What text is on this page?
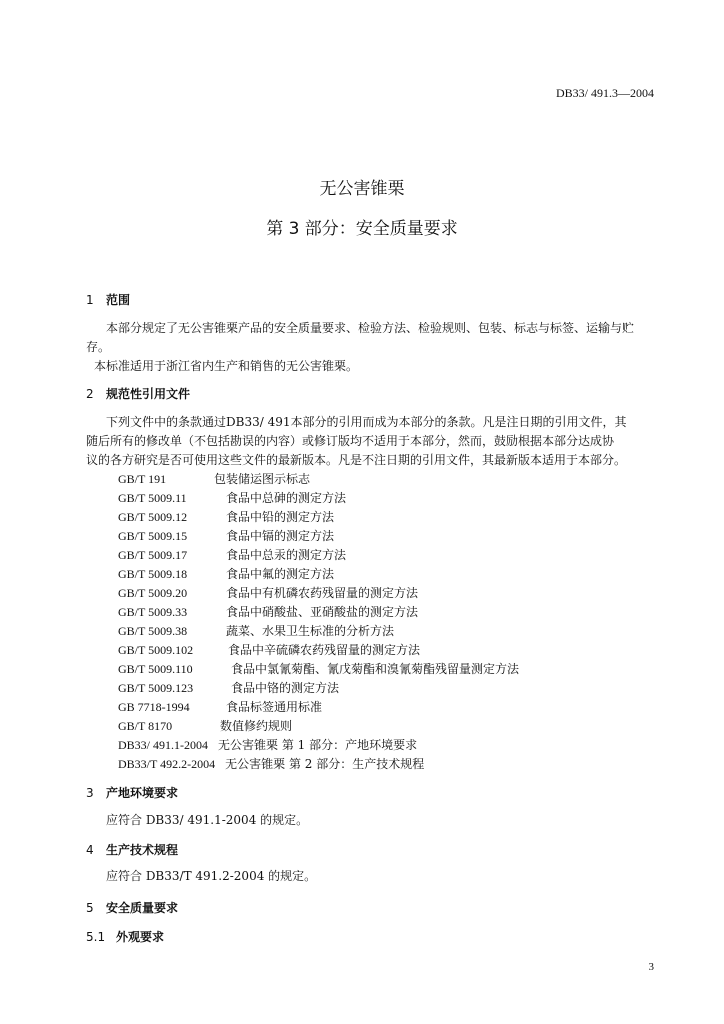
DB33/ 491.3—2004
无公害锥栗
第 3 部分：安全质量要求
1 范围
本部分规定了无公害锥栗产品的安全质量要求、检验方法、检验规则、包装、标志与标签、运输与贮
存。
本标准适用于浙江省内生产和销售的无公害锥栗。
2 规范性引用文件
下列文件中的条款通过DB33/ 491本部分的引用而成为本部分的条款。凡是注日期的引用文件，其
随后所有的修改单（不包括勘误的内容）或修订版均不适用于本部分，然而，鼓励根据本部分达成协
议的各方研究是否可使用这些文件的最新版本。凡是不注日期的引用文件，其最新版本适用于本部分。
GB/T 191	包装储运图示标志
GB/T 5009.11	食品中总砷的测定方法
GB/T 5009.12	食品中铅的测定方法
GB/T 5009.15	食品中镉的测定方法
GB/T 5009.17	食品中总汞的测定方法
GB/T 5009.18	食品中氟的测定方法
GB/T 5009.20	食品中有机磷农药残留量的测定方法
GB/T 5009.33	食品中硝酸盐、亚硝酸盐的测定方法
GB/T 5009.38	蔬菜、水果卫生标准的分析方法
GB/T 5009.102	食品中辛硫磷农药残留量的测定方法
GB/T 5009.110	食品中氯氰菊酯、氰戊菊酯和溴氰菊酯残留量测定方法
GB/T 5009.123	食品中铬的测定方法
GB 7718-1994	食品标签通用标准
GB/T 8170	数值修约规则
DB33/ 491.1-2004 无公害锥栗 第 1 部分：产地环境要求
DB33/T 492.2-2004 无公害锥栗 第 2 部分：生产技术规程
3 产地环境要求
应符合 DB33/ 491.1-2004 的规定。
4 生产技术规程
应符合 DB33/T 491.2-2004 的规定。
5 安全质量要求
5.1 外观要求
3
